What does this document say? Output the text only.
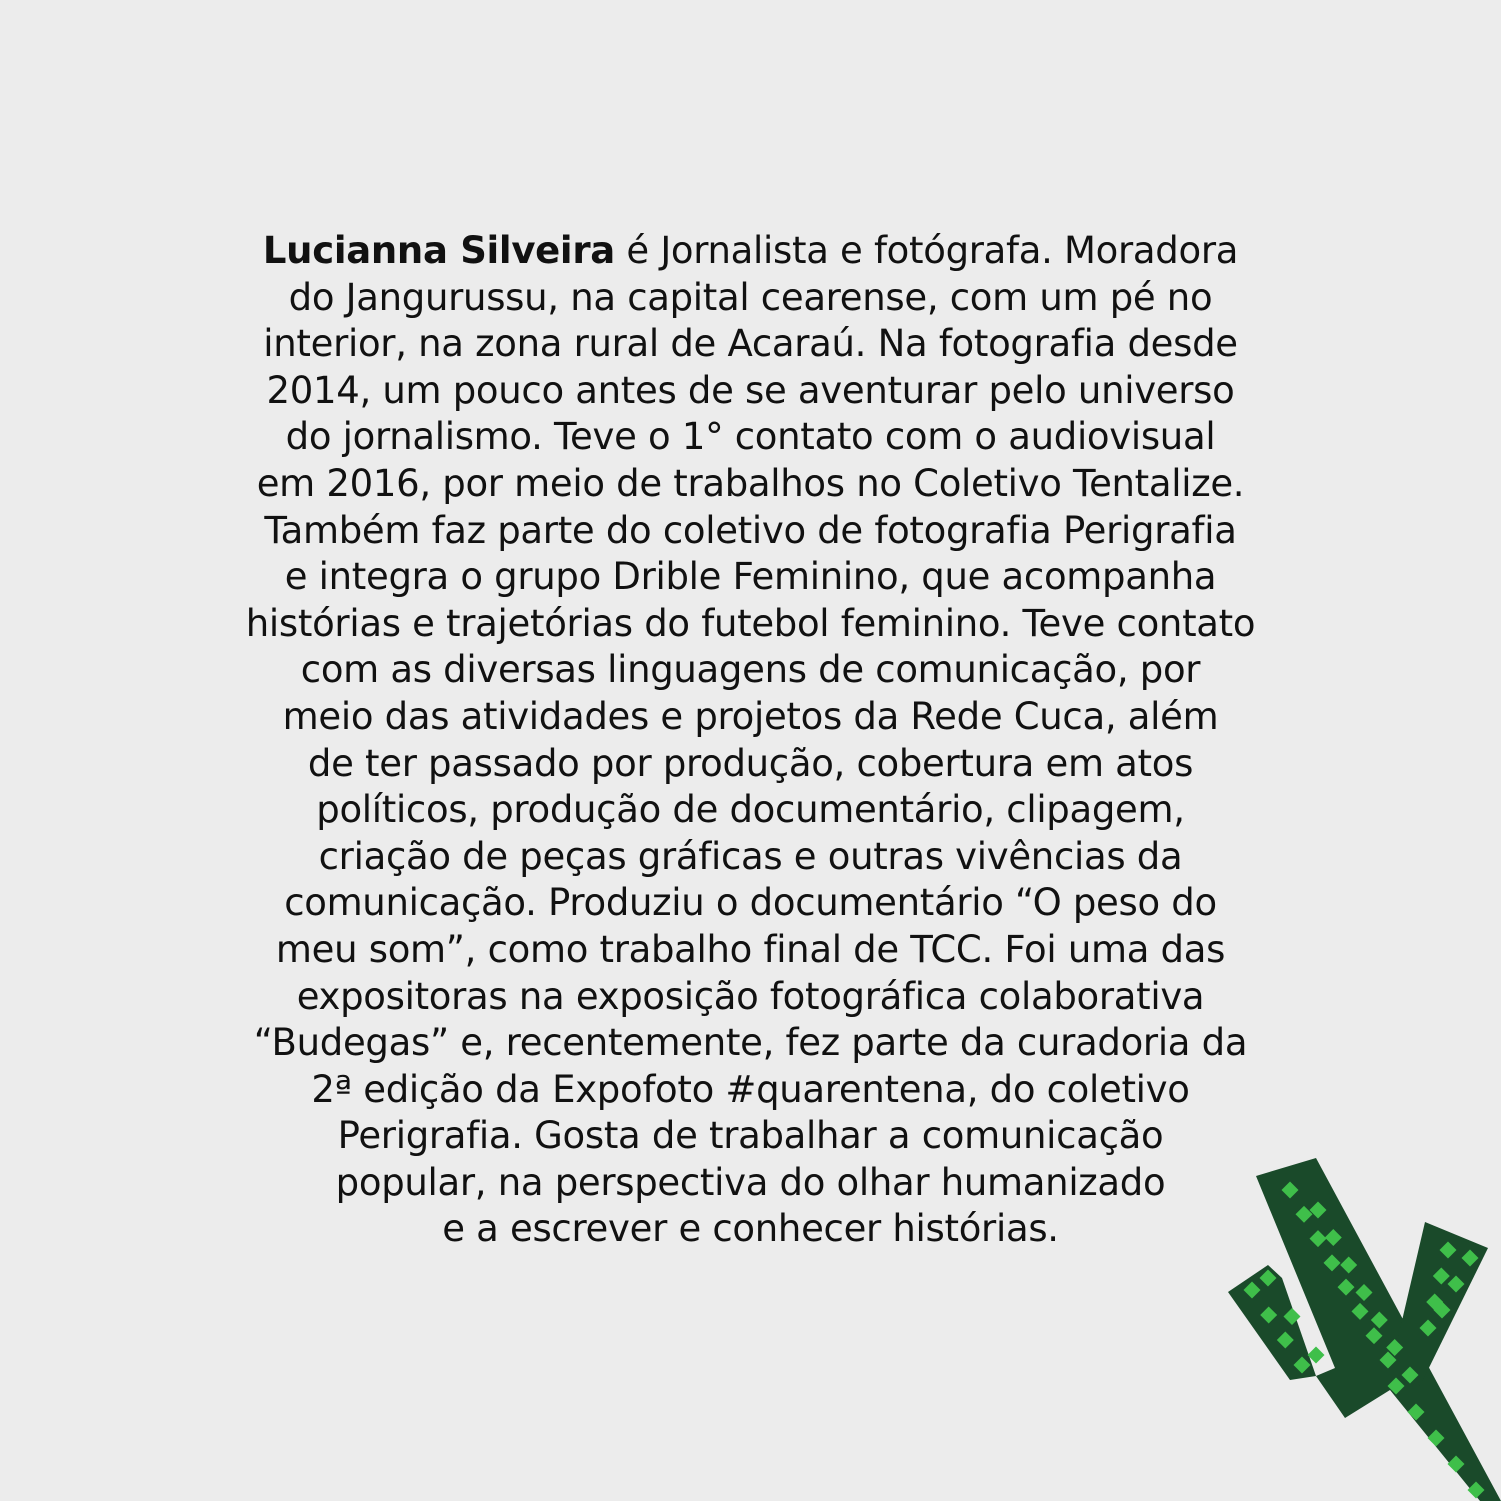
Lucianna Silveira é Jornalista e fotógrafa. Moradora
do Jangurussu, na capital cearense, com um pé no
interior, na zona rural de Acaraú. Na fotografia desde
2014, um pouco antes de se aventurar pelo universo
do jornalismo. Teve o 1° contato com o audiovisual
em 2016, por meio de trabalhos no Coletivo Tentalize.
Também faz parte do coletivo de fotografia Perigrafia
e integra o grupo Drible Feminino, que acompanha
histórias e trajetórias do futebol feminino. Teve contato
com as diversas linguagens de comunicação, por
meio das atividades e projetos da Rede Cuca, além
de ter passado por produção, cobertura em atos
políticos, produção de documentário, clipagem,
criação de peças gráficas e outras vivências da
comunicação. Produziu o documentário “O peso do
meu som”, como trabalho final de TCC. Foi uma das
expositoras na exposição fotográfica colaborativa
“Budegas” e, recentemente, fez parte da curadoria da
2ª edição da Expofoto #quarentena, do coletivo
Perigrafia. Gosta de trabalhar a comunicação
popular, na perspectiva do olhar humanizado
e a escrever e conhecer histórias.
